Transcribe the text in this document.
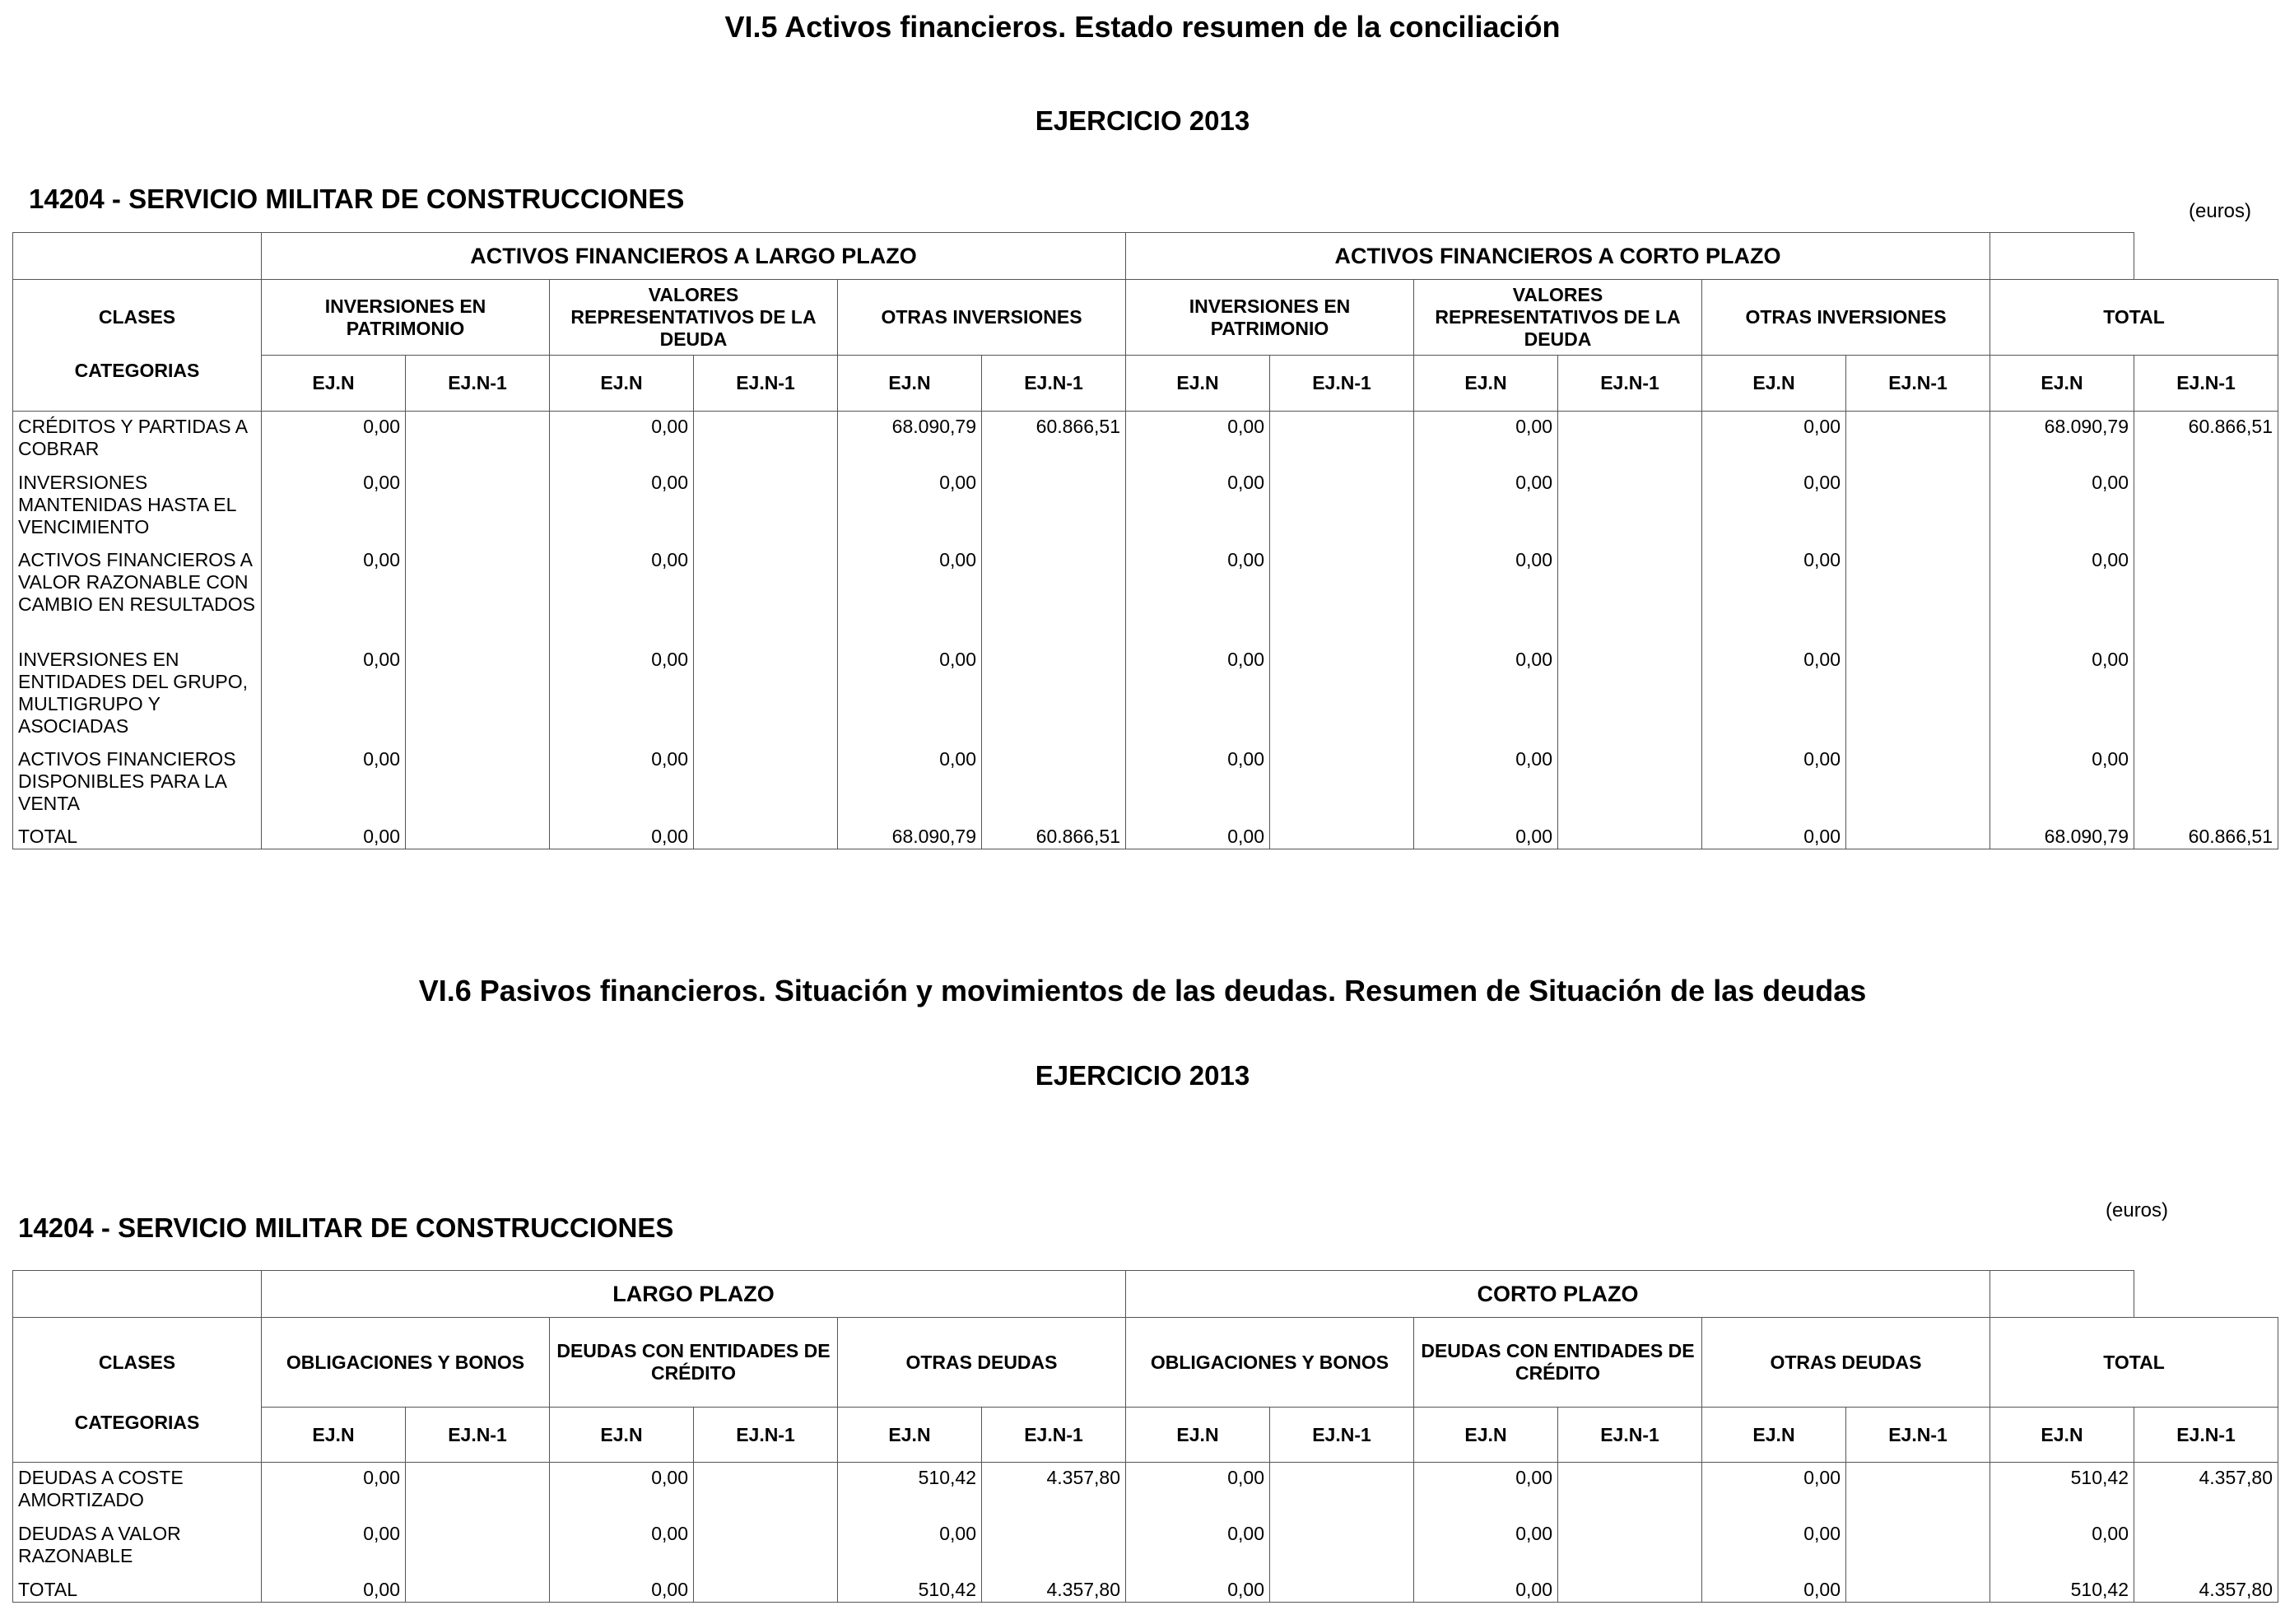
VI.5 Activos financieros. Estado resumen de la conciliación
EJERCICIO 2013
14204 - SERVICIO MILITAR DE CONSTRUCCIONES	(euros)
	ACTIVOS FINANCIEROS A LARGO PLAZO						ACTIVOS FINANCIEROS A CORTO PLAZO							
CLASES	INVERSIONES EN PATRIMONIO		VALORES REPRESENTATIVOS DE LA DEUDA		OTRAS INVERSIONES		INVERSIONES EN PATRIMONIO		VALORES REPRESENTATIVOS DE LA DEUDA		OTRAS INVERSIONES		TOTAL	
CATEGORIAS	EJ.N	EJ.N-1	EJ.N	EJ.N-1	EJ.N	EJ.N-1	EJ.N	EJ.N-1	EJ.N	EJ.N-1	EJ.N	EJ.N-1	EJ.N	EJ.N-1
CRÉDITOS Y PARTIDAS A COBRAR	0,00		0,00		68.090,79	60.866,51	0,00		0,00		0,00		68.090,79	60.866,51
INVERSIONES MANTENIDAS HASTA EL VENCIMIENTO	0,00		0,00		0,00		0,00		0,00		0,00		0,00	
ACTIVOS FINANCIEROS A VALOR RAZONABLE CON CAMBIO EN RESULTADOS	0,00		0,00		0,00		0,00		0,00		0,00		0,00	
INVERSIONES EN ENTIDADES DEL GRUPO, MULTIGRUPO Y ASOCIADAS	0,00		0,00		0,00		0,00		0,00		0,00		0,00	
ACTIVOS FINANCIEROS DISPONIBLES PARA LA VENTA	0,00		0,00		0,00		0,00		0,00		0,00		0,00	
TOTAL	0,00		0,00		68.090,79	60.866,51	0,00		0,00		0,00		68.090,79	60.866,51
VI.6 Pasivos financieros. Situación y movimientos de las deudas. Resumen de Situación de las deudas
EJERCICIO 2013
14204 - SERVICIO MILITAR DE CONSTRUCCIONES
(euros)
	LARGO PLAZO						CORTO PLAZO							
CLASES	OBLIGACIONES Y BONOS		DEUDAS CON ENTIDADES DE CRÉDITO		OTRAS DEUDAS		OBLIGACIONES Y BONOS		DEUDAS CON ENTIDADES DE CRÉDITO		OTRAS DEUDAS		TOTAL	
CATEGORIAS	EJ.N	EJ.N-1	EJ.N	EJ.N-1	EJ.N	EJ.N-1	EJ.N	EJ.N-1	EJ.N	EJ.N-1	EJ.N	EJ.N-1	EJ.N	EJ.N-1
DEUDAS A COSTE AMORTIZADO	0,00		0,00		510,42	4.357,80	0,00		0,00		0,00		510,42	4.357,80
DEUDAS A VALOR RAZONABLE	0,00		0,00		0,00		0,00		0,00		0,00		0,00	
TOTAL	0,00		0,00		510,42	4.357,80	0,00		0,00		0,00		510,42	4.357,80
